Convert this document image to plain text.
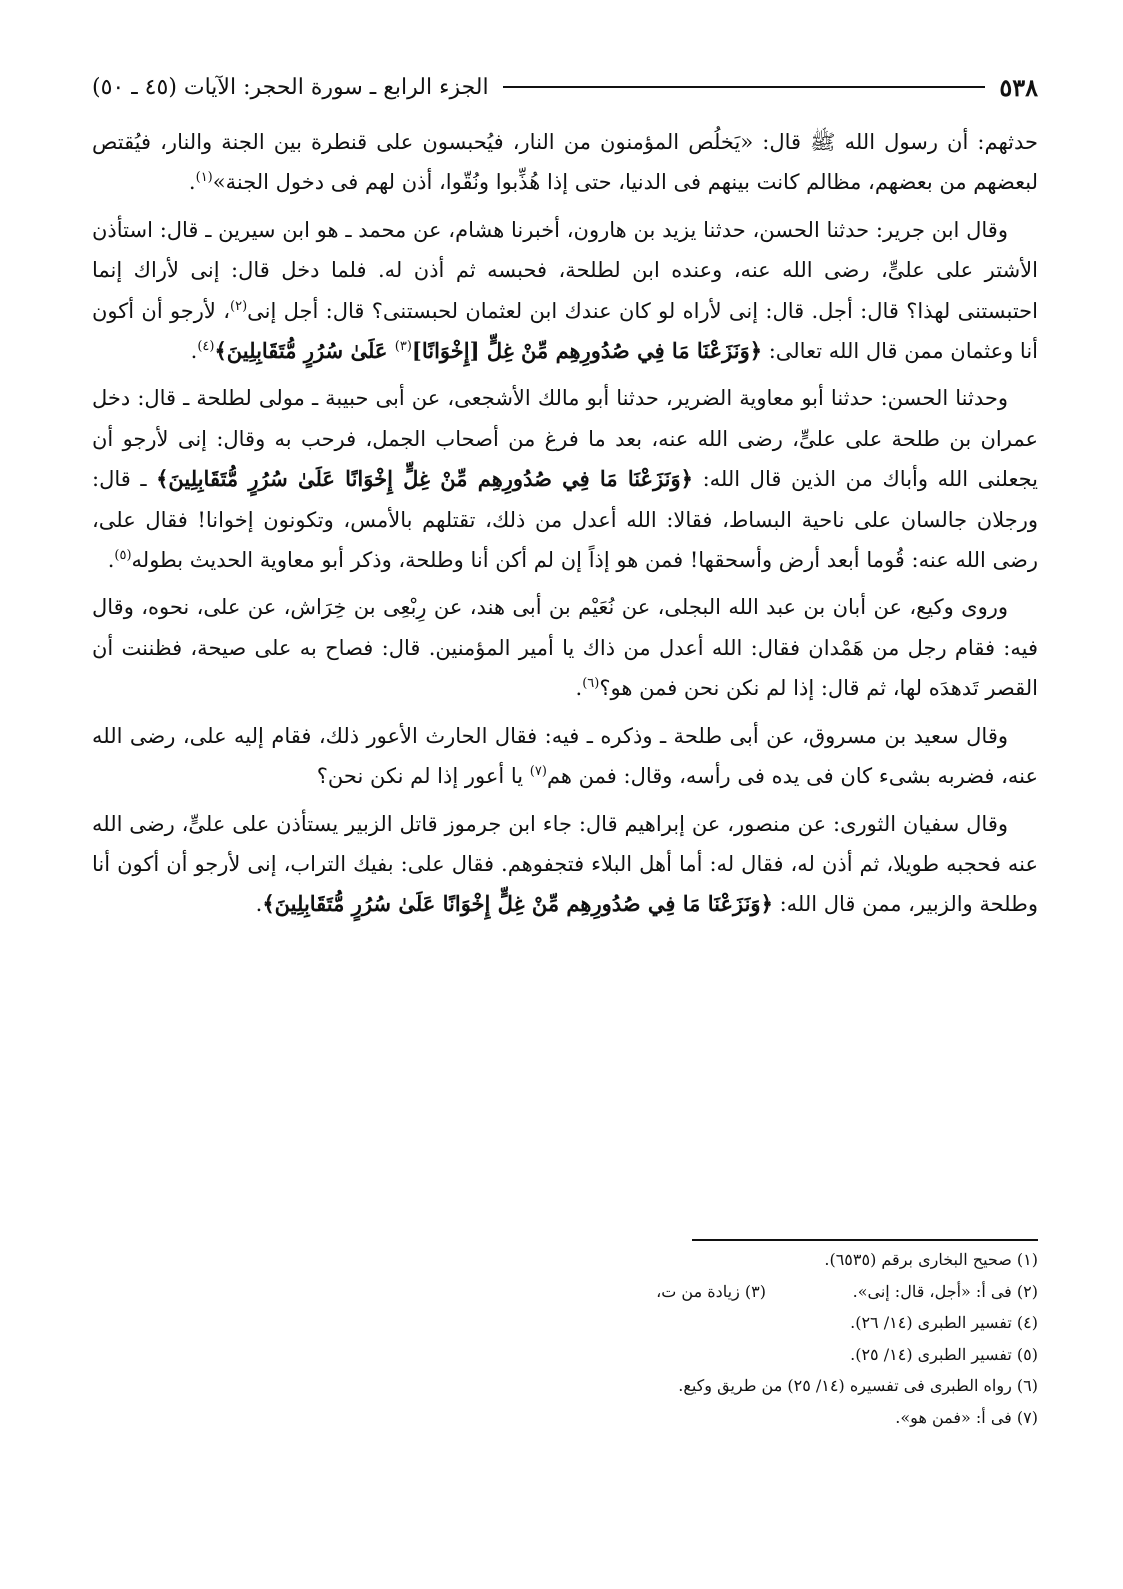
٥٣٨
الجزء الرابع ـ سورة الحجر: الآيات (٤٥ ـ ٥٠)

حدثهم: أن رسول الله ﷺ قال: «يَخلُص المؤمنون من النار، فيُحبسون على قنطرة بين الجنة والنار، فيُقتص لبعضهم من بعضهم، مظالم كانت بينهم فى الدنيا، حتى إذا هُذِّبوا ونُقّوا، أذن لهم فى دخول الجنة»$^{(١)}$.

وقال ابن جرير: حدثنا الحسن، حدثنا يزيد بن هارون، أخبرنا هشام، عن محمد ـ هو ابن سيرين ـ قال: استأذن الأشتر على علىٍّ، رضى الله عنه، وعنده ابن لطلحة، فحبسه ثم أذن له. فلما دخل قال: إنى لأراك إنما احتبستنى لهذا؟ قال: أجل. قال: إنى لأراه لو كان عندك ابن لعثمان لحبستنى؟ قال: أجل إنى$^{(٢)}$، لأرجو أن أكون أنا وعثمان ممن قال الله تعالى: ﴿وَنَزَعْنَا مَا فِي صُدُورِهِم مِّنْ غِلٍّ [إِخْوَانًا]$^{(٣)}$ عَلَىٰ سُرُرٍ مُّتَقَابِلِينَ﴾$^{(٤)}$.

وحدثنا الحسن: حدثنا أبو معاوية الضرير، حدثنا أبو مالك الأشجعى، عن أبى حبيبة ـ مولى لطلحة ـ قال: دخل عمران بن طلحة على علىٍّ، رضى الله عنه، بعد ما فرغ من أصحاب الجمل، فرحب به وقال: إنى لأرجو أن يجعلنى الله وأباك من الذين قال الله: ﴿وَنَزَعْنَا مَا فِي صُدُورِهِم مِّنْ غِلٍّ إِخْوَانًا عَلَىٰ سُرُرٍ مُّتَقَابِلِينَ﴾ ـ قال: ورجلان جالسان على ناحية البساط، فقالا: الله أعدل من ذلك، تقتلهم بالأمس، وتكونون إخوانا! فقال على، رضى الله عنه: قُوما أبعد أرض وأسحقها! فمن هو إذاً إن لم أكن أنا وطلحة، وذكر أبو معاوية الحديث بطوله$^{(٥)}$.

وروى وكيع، عن أبان بن عبد الله البجلى، عن نُعَيْم بن أبى هند، عن رِبْعِى بن خِرَاش، عن على، نحوه، وقال فيه: فقام رجل من هَمْدان فقال: الله أعدل من ذاك يا أمير المؤمنين. قال: فصاح به على صيحة، فظننت أن القصر تَدهدَه لها، ثم قال: إذا لم نكن نحن فمن هو؟$^{(٦)}$.

وقال سعيد بن مسروق، عن أبى طلحة ـ وذكره ـ فيه: فقال الحارث الأعور ذلك، فقام إليه على، رضى الله عنه، فضربه بشىء كان فى يده فى رأسه، وقال: فمن هم$^{(٧)}$ يا أعور إذا لم نكن نحن؟

وقال سفيان الثورى: عن منصور، عن إبراهيم قال: جاء ابن جرموز قاتل الزبير يستأذن على علىٍّ، رضى الله عنه فحجبه طويلا، ثم أذن له، فقال له: أما أهل البلاء فتجفوهم. فقال على: بفيك التراب، إنى لأرجو أن أكون أنا وطلحة والزبير، ممن قال الله: ﴿وَنَزَعْنَا مَا فِي صُدُورِهِم مِّنْ غِلٍّ إِخْوَانًا عَلَىٰ سُرُرٍ مُّتَقَابِلِينَ﴾.

(١) صحيح البخارى برقم (٦٥٣٥).
(٢) فى أ: «أجل، قال: إنى».
(٣) زيادة من ت،
(٤) تفسير الطبرى (١٤/ ٢٦).
(٥) تفسير الطبرى (١٤/ ٢٥).
(٦) رواه الطبرى فى تفسيره (١٤/ ٢٥) من طريق وكيع.
(٧) فى أ: «فمن هو».
